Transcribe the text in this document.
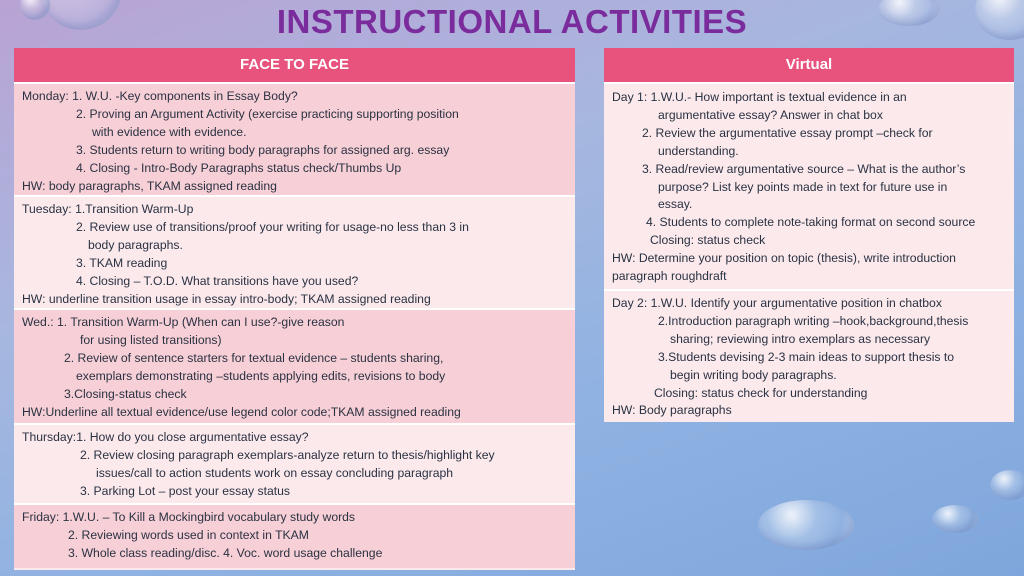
INSTRUCTIONAL ACTIVITIES
FACE TO FACE
Monday: 1. W.U. -Key components in Essay Body?
2. Proving an Argument Activity (exercise practicing supporting position
with evidence with evidence.
3. Students return to writing body paragraphs for assigned arg. essay
4. Closing - Intro-Body Paragraphs status check/Thumbs Up
HW: body paragraphs, TKAM assigned reading
Tuesday: 1.Transition Warm-Up
2. Review use of transitions/proof your writing for usage-no less than 3 in
body paragraphs.
3. TKAM reading
4. Closing – T.O.D. What transitions have you used?
HW: underline transition usage in essay intro-body; TKAM assigned reading
Wed.: 1. Transition Warm-Up (When can I use?-give reason
for using listed transitions)
2. Review of sentence starters for textual evidence – students sharing,
exemplars demonstrating –students applying edits, revisions to body
3.Closing-status check
HW:Underline all textual evidence/use legend color code;TKAM assigned reading
Thursday:1. How do you close argumentative essay?
2. Review closing paragraph exemplars-analyze return to thesis/highlight key
issues/call to action students work on essay concluding paragraph
3. Parking Lot – post your essay status
Friday: 1.W.U. – To Kill a Mockingbird vocabulary study words
2. Reviewing words used in context in TKAM
3. Whole class reading/disc. 4. Voc. word usage challenge
Virtual
Day 1: 1.W.U.- How important is textual evidence in an
argumentative essay? Answer in chat box
2. Review the argumentative essay prompt –check for
understanding.
3. Read/review argumentative source – What is the author’s
purpose? List key points made in text for future use in
essay.
4. Students to complete note-taking format on second source
Closing: status check
HW: Determine your position on topic (thesis), write introduction
paragraph roughdraft
Day 2: 1.W.U. Identify your argumentative position in chatbox
2.Introduction paragraph writing –hook,background,thesis
sharing; reviewing intro exemplars as necessary
3.Students devising 2-3 main ideas to support thesis to
begin writing body paragraphs.
Closing: status check for understanding
HW: Body paragraphs
